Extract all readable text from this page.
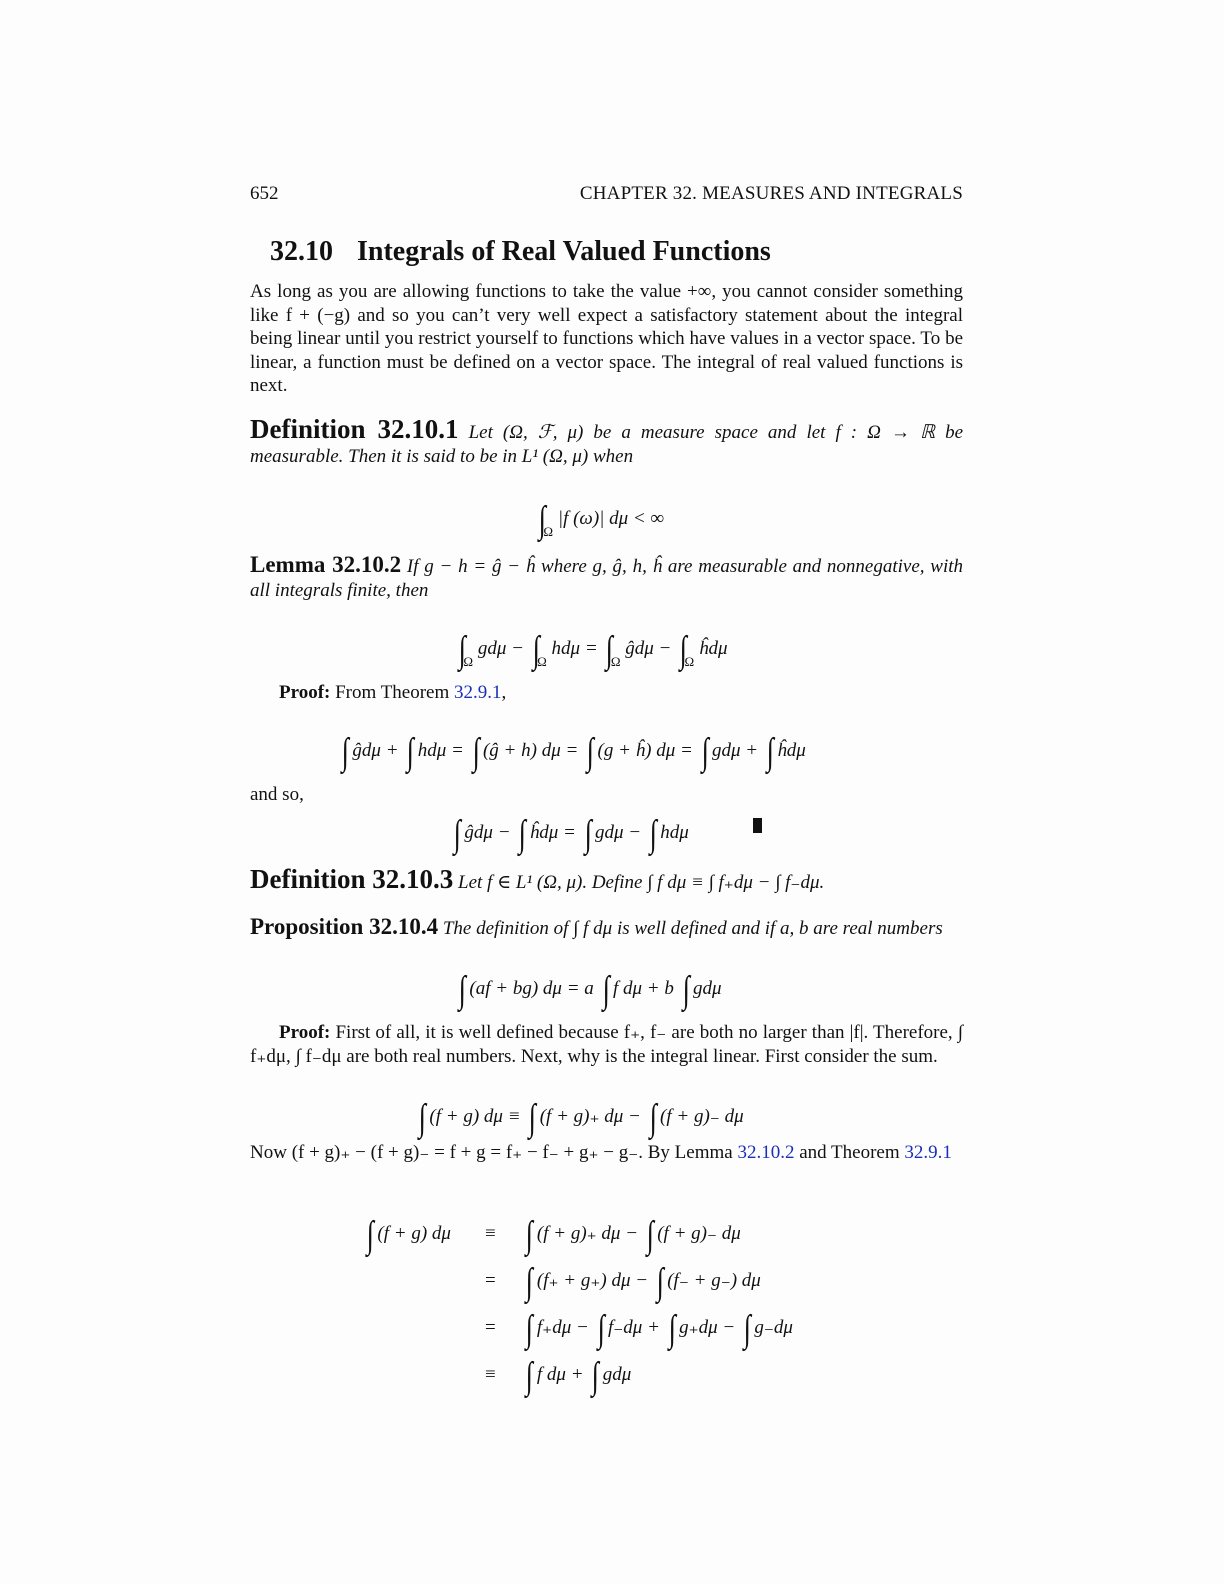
652	CHAPTER 32. MEASURES AND INTEGRALS
32.10 Integrals of Real Valued Functions
As long as you are allowing functions to take the value +∞, you cannot consider something like f + (−g) and so you can’t very well expect a satisfactory statement about the integral being linear until you restrict yourself to functions which have values in a vector space. To be linear, a function must be defined on a vector space. The integral of real valued functions is next.
Definition 32.10.1 Let (Ω, ℱ, μ) be a measure space and let f : Ω → ℝ be measurable. Then it is said to be in L¹ (Ω, μ) when
$\int_\Omega$ |f (ω)| dμ < ∞
Lemma 32.10.2 If g − h = ĝ − ĥ where g, ĝ, h, ĥ are measurable and nonnegative, with all integrals finite, then
$\int_\Omega$ $gd\mu - \int_\Omega$ $hd\mu = \int_\Omega$ ĝdμ − $\int_\Omega$ ĥdμ
Proof: From Theorem 32.9.1,
∫ ĝdμ + ∫ hdμ = ∫ (ĝ + h) dμ = ∫ (g + ĥ) dμ = ∫ gdμ + ∫ ĥdμ
and so,
∫ ĝdμ − ∫ ĥdμ = ∫ gdμ − ∫ hdμ
Definition 32.10.3 Let f ∈ L¹ (Ω, μ). Define ∫ f dμ ≡ ∫ f₊dμ − ∫ f₋dμ.
Proposition 32.10.4 The definition of ∫ f dμ is well defined and if a, b are real numbers
∫ (af + bg) dμ = a ∫ f dμ + b ∫ gdμ
Proof: First of all, it is well defined because f₊, f₋ are both no larger than |f|. Therefore, ∫ f₊dμ, ∫ f₋dμ are both real numbers. Next, why is the integral linear. First consider the sum.
∫ (f + g) dμ ≡ ∫ (f + g)₊ dμ − ∫ (f + g)₋ dμ
Now (f + g)₊ − (f + g)₋ = f + g = f₊ − f₋ + g₊ − g₋. By Lemma 32.10.2 and Theorem 32.9.1
∫ (f + g) dμ ≡ ∫ (f + g)₊ dμ − ∫ (f + g)₋ dμ
= ∫ (f₊ + g₊) dμ − ∫ (f₋ + g₋) dμ
= ∫ f₊dμ − ∫ f₋dμ + ∫ g₊dμ − ∫ g₋dμ
≡ ∫ f dμ + ∫ gdμ
